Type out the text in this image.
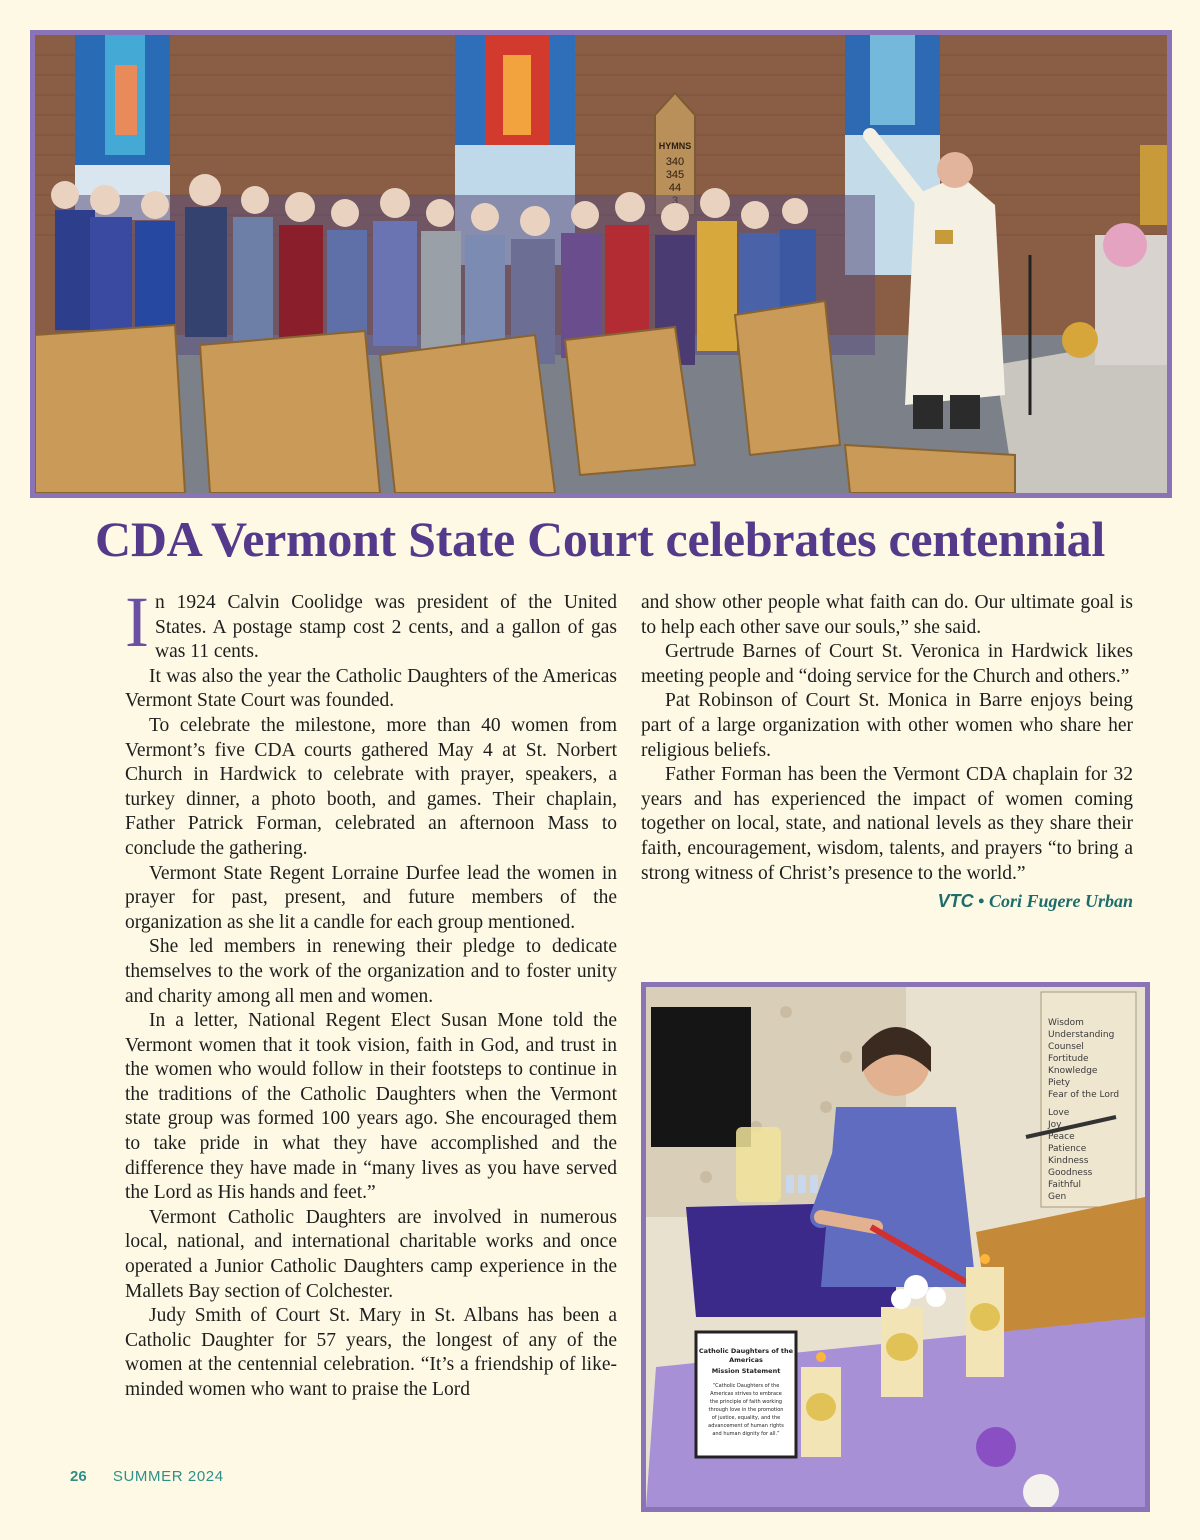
HYMNS
340
345
44
CDA Vermont State Court celebrates centennial

In 1924 Calvin Coolidge was president of the United States. A postage stamp cost 2 cents, and a gallon of gas was 11 cents.

It was also the year the Catholic Daughters of the Americas Vermont State Court was founded.

To celebrate the milestone, more than 40 women from Vermont’s five CDA courts gathered May 4 at St. Norbert Church in Hardwick to celebrate with prayer, speakers, a turkey dinner, a photo booth, and games. Their chaplain, Father Patrick Forman, celebrated an afternoon Mass to conclude the gathering.

Vermont State Regent Lorraine Durfee lead the women in prayer for past, present, and future members of the organization as she lit a candle for each group mentioned.

She led members in renewing their pledge to dedicate themselves to the work of the organization and to foster unity and charity among all men and women.

In a letter, National Regent Elect Susan Mone told the Vermont women that it took vision, faith in God, and trust in the women who would follow in their footsteps to continue in the traditions of the Catholic Daughters when the Vermont state group was formed 100 years ago. She encouraged them to take pride in what they have accomplished and the difference they have made in “many lives as you have served the Lord as His hands and feet.”

Vermont Catholic Daughters are involved in numerous local, national, and international charitable works and once operated a Junior Catholic Daughters camp experience in the Mallets Bay section of Colchester.

Judy Smith of Court St. Mary in St. Albans has been a Catholic Daughter for 57 years, the longest of any of the women at the centennial celebration. “It’s a friendship of like-minded women who want to praise the Lord

and show other people what faith can do. Our ultimate goal is to help each other save our souls,” she said.

Gertrude Barnes of Court St. Veronica in Hardwick likes meeting people and “doing service for the Church and others.”

Pat Robinson of Court St. Monica in Barre enjoys being part of a large organization with other women who share her religious beliefs.

Father Forman has been the Vermont CDA chaplain for 32 years and has experienced the impact of women coming together on local, state, and national levels as they share their faith, encouragement, wisdom, talents, and prayers “to bring a strong witness of Christ’s presence to the world.”

VTC • Cori Fugere Urban
Wisdom
Understanding
Counsel
Fortitude
Knowledge
Piety
Fear of the Lord
Love
Joy
Peace
Patience
Kindness
Goodness
Faithful
Gen
Catholic Daughters of the
Americas
Mission Statement
“Catholic Daughters of the
Americas strives to embrace
the principle of faith working
through love in the promotion
of justice, equality, and the
advancement of human rights
and human dignity for all.”
26 SUMMER 2024
